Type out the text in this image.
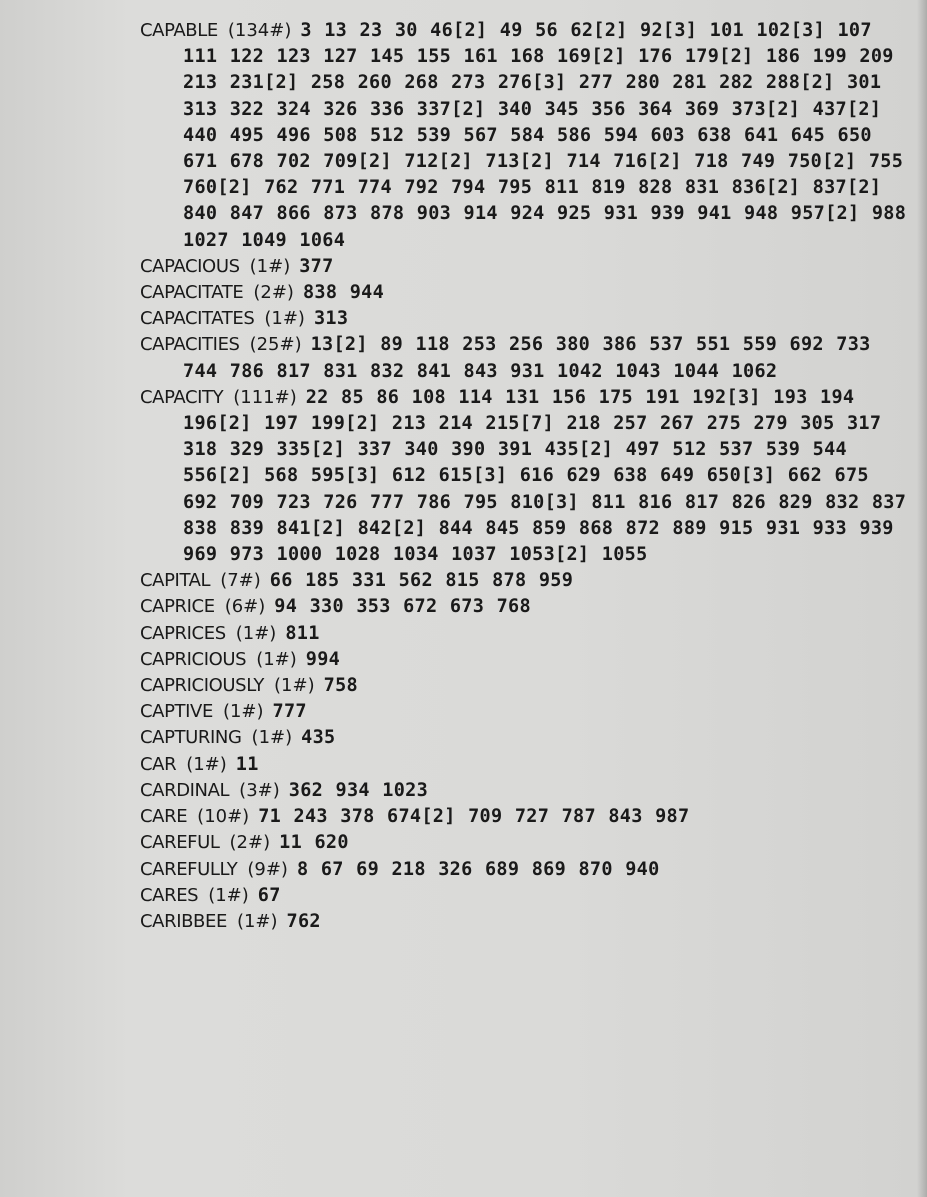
CAPABLE (134#) 3 13 23 30 46[2] 49 56 62[2] 92[3] 101 102[3] 107 111 122 123 127 145 155 161 168 169[2] 176 179[2] 186 199 209 213 231[2] 258 260 268 273 276[3] 277 280 281 282 288[2] 301 313 322 324 326 336 337[2] 340 345 356 364 369 373[2] 437[2] 440 495 496 508 512 539 567 584 586 594 603 638 641 645 650 671 678 702 709[2] 712[2] 713[2] 714 716[2] 718 749 750[2] 755 760[2] 762 771 774 792 794 795 811 819 828 831 836[2] 837[2] 840 847 866 873 878 903 914 924 925 931 939 941 948 957[2] 988 1027 1049 1064

CAPACIOUS (1#) 377

CAPACITATE (2#) 838 944

CAPACITATES (1#) 313

CAPACITIES (25#) 13[2] 89 118 253 256 380 386 537 551 559 692 733 744 786 817 831 832 841 843 931 1042 1043 1044 1062

CAPACITY (111#) 22 85 86 108 114 131 156 175 191 192[3] 193 194 196[2] 197 199[2] 213 214 215[7] 218 257 267 275 279 305 317 318 329 335[2] 337 340 390 391 435[2] 497 512 537 539 544 556[2] 568 595[3] 612 615[3] 616 629 638 649 650[3] 662 675 692 709 723 726 777 786 795 810[3] 811 816 817 826 829 832 837 838 839 841[2] 842[2] 844 845 859 868 872 889 915 931 933 939 969 973 1000 1028 1034 1037 1053[2] 1055

CAPITAL (7#) 66 185 331 562 815 878 959

CAPRICE (6#) 94 330 353 672 673 768

CAPRICES (1#) 811

CAPRICIOUS (1#) 994

CAPRICIOUSLY (1#) 758

CAPTIVE (1#) 777

CAPTURING (1#) 435

CAR (1#) 11

CARDINAL (3#) 362 934 1023

CARE (10#) 71 243 378 674[2] 709 727 787 843 987

CAREFUL (2#) 11 620

CAREFULLY (9#) 8 67 69 218 326 689 869 870 940

CARES (1#) 67

CARIBBEE (1#) 762
